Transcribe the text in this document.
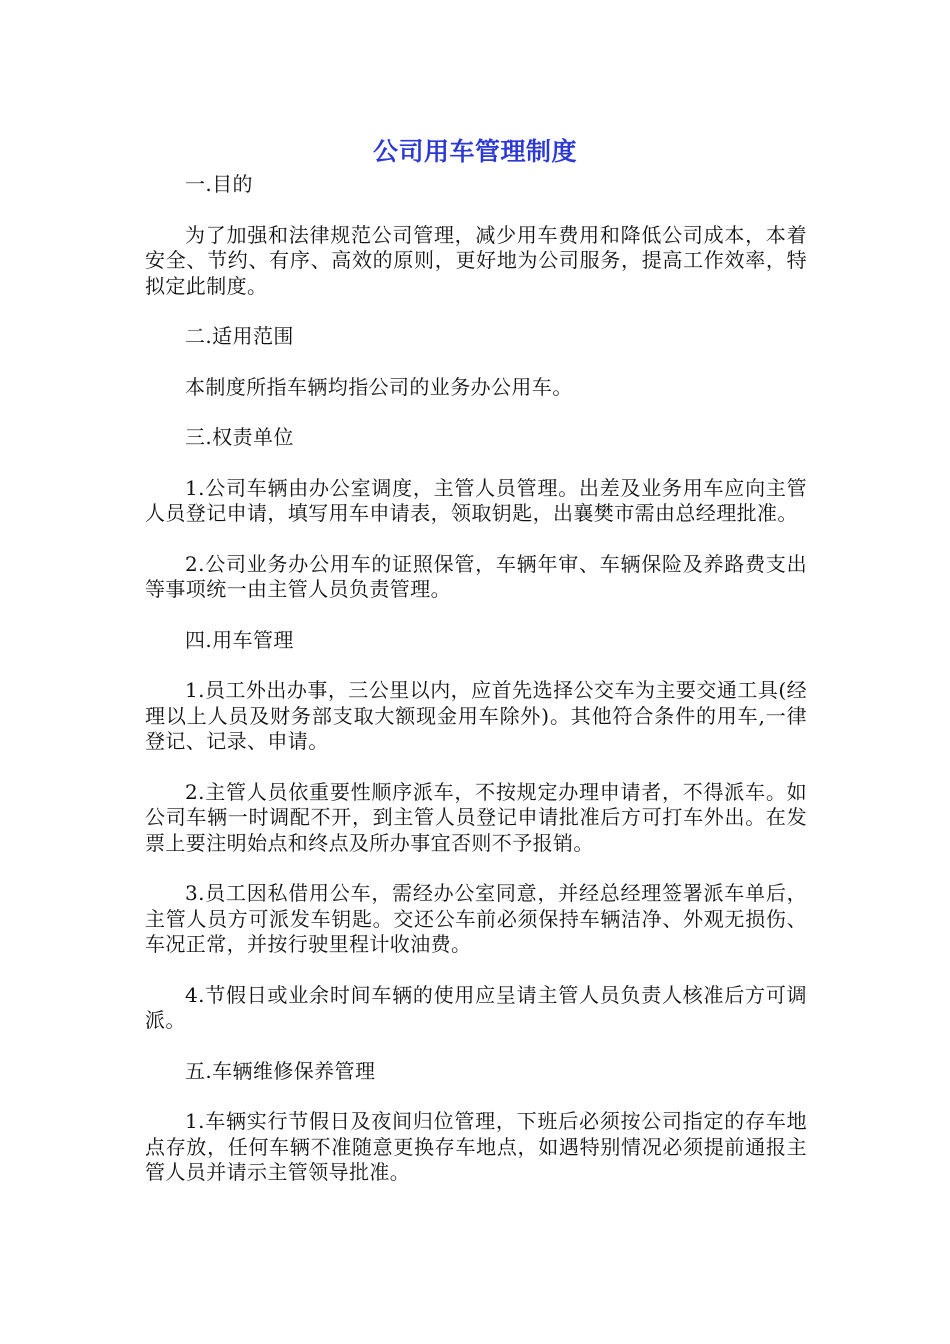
公司用车管理制度
一.目的
为了加强和法律规范公司管理，减少用车费用和降低公司成本，本着安全、节约、有序、高效的原则，更好地为公司服务，提高工作效率，特拟定此制度。
二.适用范围
本制度所指车辆均指公司的业务办公用车。
三.权责单位
1.公司车辆由办公室调度，主管人员管理。出差及业务用车应向主管人员登记申请，填写用车申请表，领取钥匙，出襄樊市需由总经理批准。
2.公司业务办公用车的证照保管，车辆年审、车辆保险及养路费支出等事项统一由主管人员负责管理。
四.用车管理
1.员工外出办事，三公里以内，应首先选择公交车为主要交通工具(经理以上人员及财务部支取大额现金用车除外)。其他符合条件的用车,一律登记、记录、申请。
2.主管人员依重要性顺序派车，不按规定办理申请者，不得派车。如公司车辆一时调配不开，到主管人员登记申请批准后方可打车外出。在发票上要注明始点和终点及所办事宜否则不予报销。
3.员工因私借用公车，需经办公室同意，并经总经理签署派车单后，主管人员方可派发车钥匙。交还公车前必须保持车辆洁净、外观无损伤、车况正常，并按行驶里程计收油费。
4.节假日或业余时间车辆的使用应呈请主管人员负责人核准后方可调派。
五.车辆维修保养管理
1.车辆实行节假日及夜间归位管理，下班后必须按公司指定的存车地点存放，任何车辆不准随意更换存车地点，如遇特别情况必须提前通报主管人员并请示主管领导批准。
